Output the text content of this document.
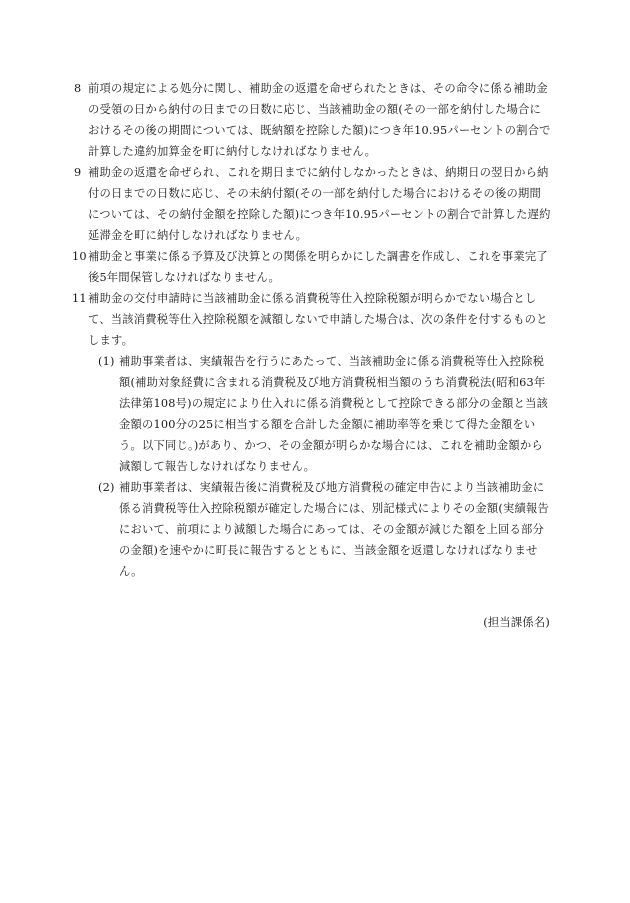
8 前項の規定による処分に関し、補助金の返還を命ぜられたときは、その命令に係る補助金の受領の日から納付の日までの日数に応じ、当該補助金の額(その一部を納付した場合におけるその後の期間については、既納額を控除した額)につき年10.95パーセントの割合で計算した違約加算金を町に納付しなければなりません。
9 補助金の返還を命ぜられ、これを期日までに納付しなかったときは、納期日の翌日から納付の日までの日数に応じ、その未納付額(その一部を納付した場合におけるその後の期間については、その納付金額を控除した額)につき年10.95パーセントの割合で計算した遅約延滞金を町に納付しなければなりません。
10 補助金と事業に係る予算及び決算との関係を明らかにした調書を作成し、これを事業完了後5年間保管しなければなりません。
11 補助金の交付申請時に当該補助金に係る消費税等仕入控除税額が明らかでない場合として、当該消費税等仕入控除税額を減額しないで申請した場合は、次の条件を付するものとします。
(1) 補助事業者は、実績報告を行うにあたって、当該補助金に係る消費税等仕入控除税額(補助対象経費に含まれる消費税及び地方消費税相当額のうち消費税法(昭和63年法律第108号)の規定により仕入れに係る消費税として控除できる部分の金額と当該金額の100分の25に相当する額を合計した金額に補助率等を乗じて得た金額をいう。以下同じ。)があり、かつ、その金額が明らかな場合には、これを補助金額から減額して報告しなければなりません。
(2) 補助事業者は、実績報告後に消費税及び地方消費税の確定申告により当該補助金に係る消費税等仕入控除税額が確定した場合には、別記様式によりその金額(実績報告において、前項により減額した場合にあっては、その金額が減じた額を上回る部分の金額)を速やかに町長に報告するとともに、当該金額を返還しなければなりません。
(担当課係名)
